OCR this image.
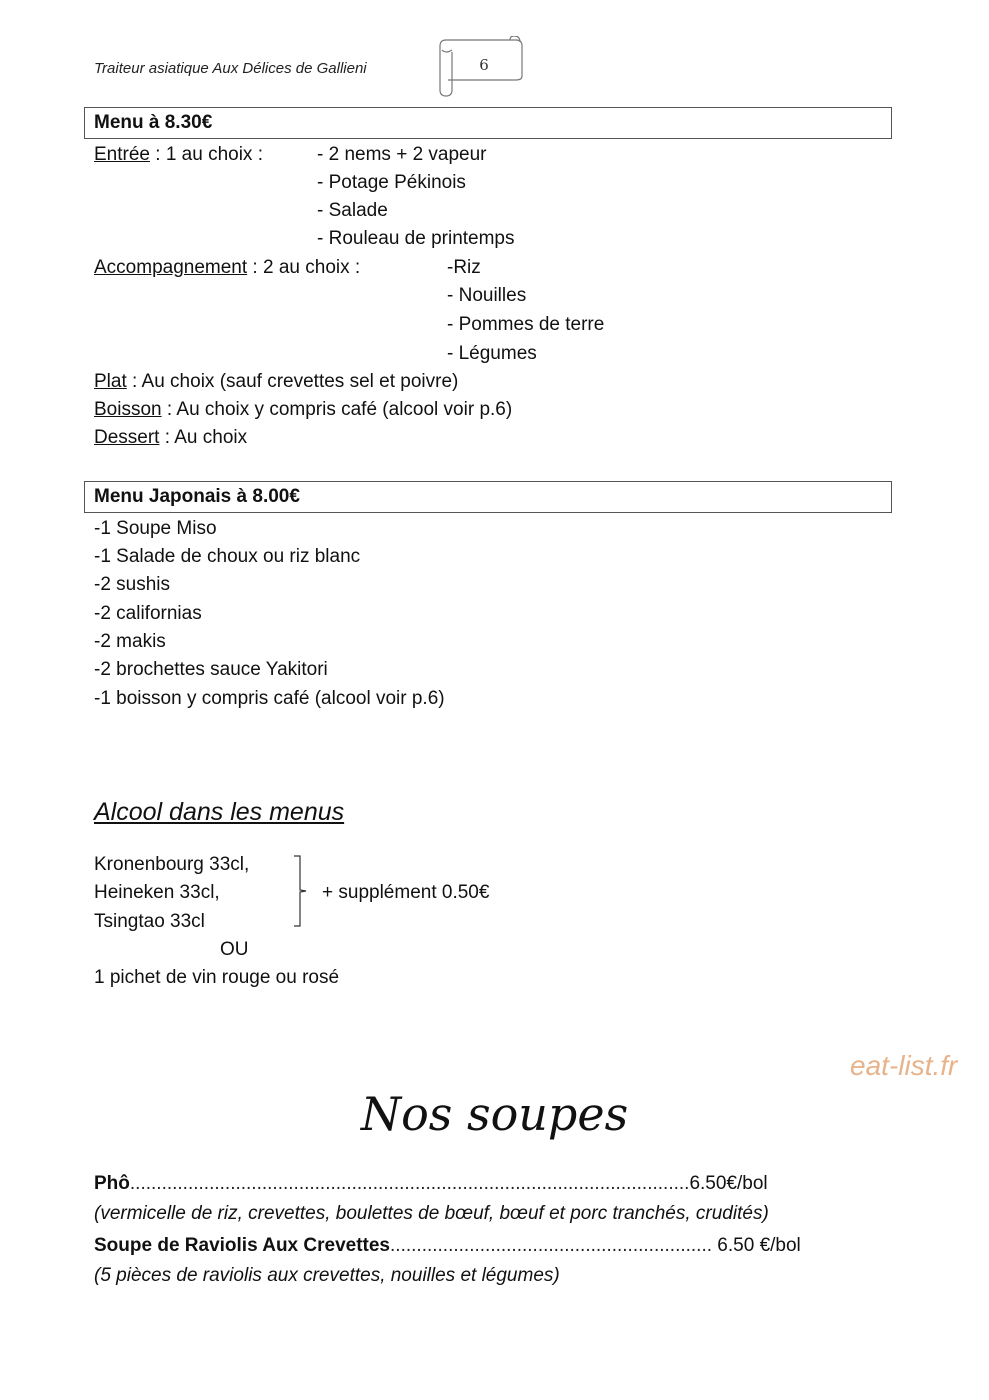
Traiteur asiatique Aux Délices de Gallieni	6
Menu à 8.30€
Entrée : 1 au choix :	- 2 nems + 2 vapeur
- Potage Pékinois
- Salade
- Rouleau de printemps
Accompagnement : 2 au choix :	-Riz
- Nouilles
- Pommes de terre
- Légumes
Plat : Au choix (sauf crevettes sel et poivre)
Boisson : Au choix y compris café (alcool voir p.6)
Dessert : Au choix
Menu Japonais à 8.00€
-1 Soupe Miso
-1 Salade de choux ou riz blanc
-2 sushis
-2 californias
-2 makis
-2 brochettes sauce Yakitori
-1 boisson y compris café (alcool voir p.6)
Alcool dans les menus
Kronenbourg 33cl,
Heineken 33cl,
Tsingtao 33cl
+ supplément 0.50€
OU
1 pichet de vin rouge ou rosé
eat-list.fr
Nos soupes
Phô..........................................................................................................6.50€/bol
(vermicelle de riz, crevettes, boulettes de bœuf, bœuf et porc tranchés, crudités)
Soupe de Raviolis Aux Crevettes............................................................. 6.50 €/bol
(5 pièces de raviolis aux crevettes, nouilles et légumes)
